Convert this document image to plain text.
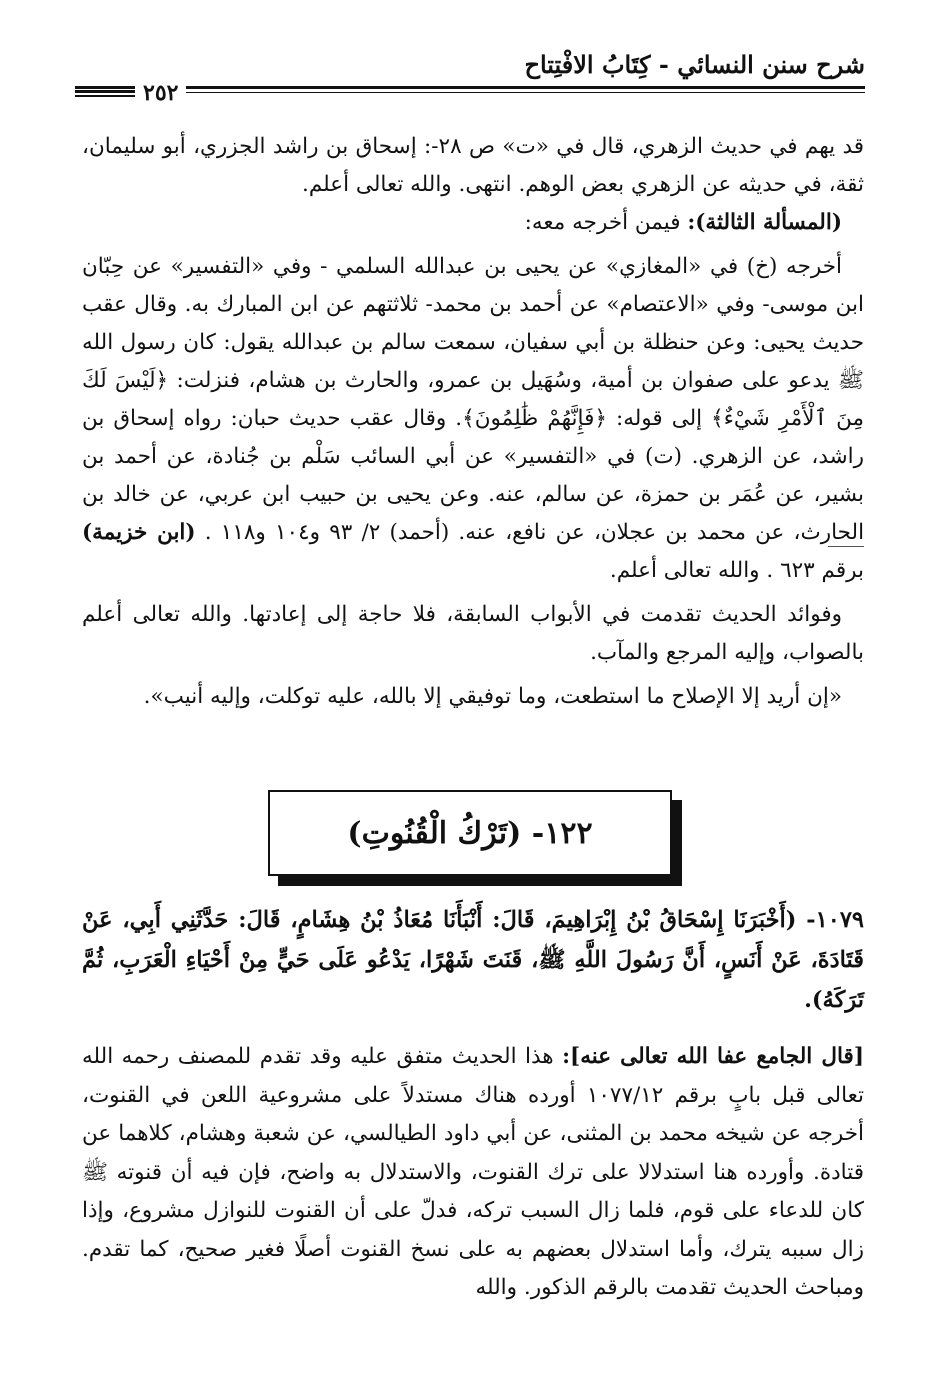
شرح سنن النسائي - كِتَابُ الافْتِتاح
٢٥٢

قد يهم في حديث الزهري، قال في «ت» ص ٢٨-: إسحاق بن راشد الجزري، أبو سليمان، ثقة، في حديثه عن الزهري بعض الوهم. انتهى. والله تعالى أعلم.

(المسألة الثالثة): فيمن أخرجه معه:

أخرجه (خ) في «المغازي» عن يحيى بن عبدالله السلمي - وفي «التفسير» عن حِبّان ابن موسى- وفي «الاعتصام» عن أحمد بن محمد- ثلاثتهم عن ابن المبارك به. وقال عقب حديث يحيى: وعن حنظلة بن أبي سفيان، سمعت سالم بن عبدالله يقول: كان رسول الله ﷺ يدعو على صفوان بن أمية، وسُهَيل بن عمرو، والحارث بن هشام، فنزلت: ﴿لَيْسَ لَكَ مِنَ ٱلْأَمْرِ شَيْءٌ﴾ إلى قوله: ﴿فَإِنَّهُمْ ظَٰلِمُونَ﴾. وقال عقب حديث حبان: رواه إسحاق بن راشد، عن الزهري. (ت) في «التفسير» عن أبي السائب سَلْم بن جُنادة، عن أحمد بن بشير، عن عُمَر بن حمزة، عن سالم، عنه. وعن يحيى بن حبيب ابن عربي، عن خالد بن الحارث، عن محمد بن عجلان، عن نافع، عنه. (أحمد) ٢/ ٩٣ و١٠٤ و١١٨ . (ابن خزيمة) برقم ٦٢٣ . والله تعالى أعلم.

وفوائد الحديث تقدمت في الأبواب السابقة، فلا حاجة إلى إعادتها. والله تعالى أعلم بالصواب، وإليه المرجع والمآب.

«إن أريد إلا الإصلاح ما استطعت، وما توفيقي إلا بالله، عليه توكلت، وإليه أنيب».

١٢٢- (تَرْكُ الْقُنُوتِ)
١٠٧٩- (أَخْبَرَنَا إِسْحَاقُ بْنُ إِبْرَاهِيمَ، قَالَ: أَنْبَأَنَا مُعَاذُ بْنُ هِشَامٍ، قَالَ: حَدَّثَنِي أَبِي، عَنْ قَتَادَةَ، عَنْ أَنَسٍ، أَنَّ رَسُولَ اللَّهِ ﷺ، قَنَتَ شَهْرًا، يَدْعُو عَلَى حَيٍّ مِنْ أَحْيَاءِ الْعَرَبِ، ثُمَّ تَرَكَهُ).
[قال الجامع عفا الله تعالى عنه]: هذا الحديث متفق عليه وقد تقدم للمصنف رحمه الله تعالى قبل بابٍ برقم ١٠٧٧/١٢ أورده هناك مستدلاً على مشروعية اللعن في القنوت، أخرجه عن شيخه محمد بن المثنى، عن أبي داود الطيالسي، عن شعبة وهشام، كلاهما عن قتادة. وأورده هنا استدلالا على ترك القنوت، والاستدلال به واضح، فإن فيه أن قنوته ﷺ كان للدعاء على قوم، فلما زال السبب تركه، فدلّ على أن القنوت للنوازل مشروع، وإذا زال سببه يترك، وأما استدلال بعضهم به على نسخ القنوت أصلًا فغير صحيح، كما تقدم. ومباحث الحديث تقدمت بالرقم الذكور. والله
